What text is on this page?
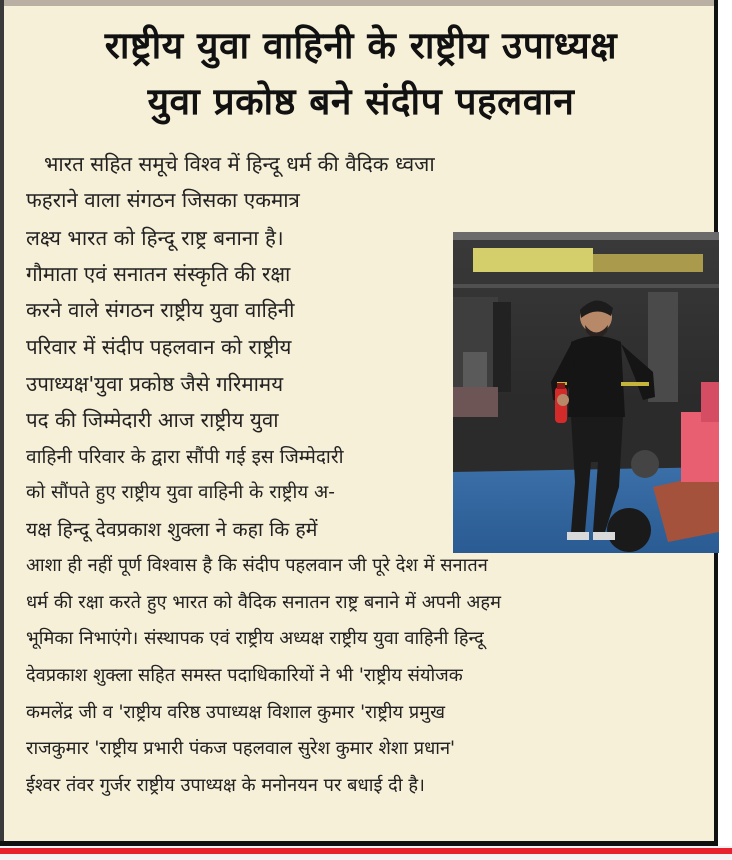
राष्ट्रीय युवा वाहिनी के राष्ट्रीय उपाध्यक्ष
युवा प्रकोष्ठ बने संदीप पहलवान
भारत सहित समूचे विश्व में हिन्दू धर्म की वैदिक ध्वजा
फहराने वाला संगठन जिसका एकमात्र
लक्ष्य भारत को हिन्दू राष्ट्र बनाना है।
गौमाता एवं सनातन संस्कृति की रक्षा
करने वाले संगठन राष्ट्रीय युवा वाहिनी
परिवार में संदीप पहलवान को राष्ट्रीय
उपाध्यक्ष'युवा प्रकोष्ठ जैसे गरिमामय
पद की जिम्मेदारी आज राष्ट्रीय युवा
वाहिनी परिवार के द्वारा सौंपी गई इस जिम्मेदारी
को सौंपते हुए राष्ट्रीय युवा वाहिनी के राष्ट्रीय अ-
यक्ष हिन्दू देवप्रकाश शुक्ला ने कहा कि हमें
आशा ही नहीं पूर्ण विश्वास है कि संदीप पहलवान जी पूरे देश में सनातन
धर्म की रक्षा करते हुए भारत को वैदिक सनातन राष्ट्र बनाने में अपनी अहम
भूमिका निभाएंगे। संस्थापक एवं राष्ट्रीय अध्यक्ष राष्ट्रीय युवा वाहिनी हिन्दू
देवप्रकाश शुक्ला सहित समस्त पदाधिकारियों ने भी 'राष्ट्रीय संयोजक
कमलेंद्र जी व 'राष्ट्रीय वरिष्ठ उपाध्यक्ष विशाल कुमार 'राष्ट्रीय प्रमुख
राजकुमार 'राष्ट्रीय प्रभारी पंकज पहलवाल सुरेश कुमार शेशा प्रधान'
ईश्वर तंवर गुर्जर राष्ट्रीय उपाध्यक्ष के मनोनयन पर बधाई दी है।
